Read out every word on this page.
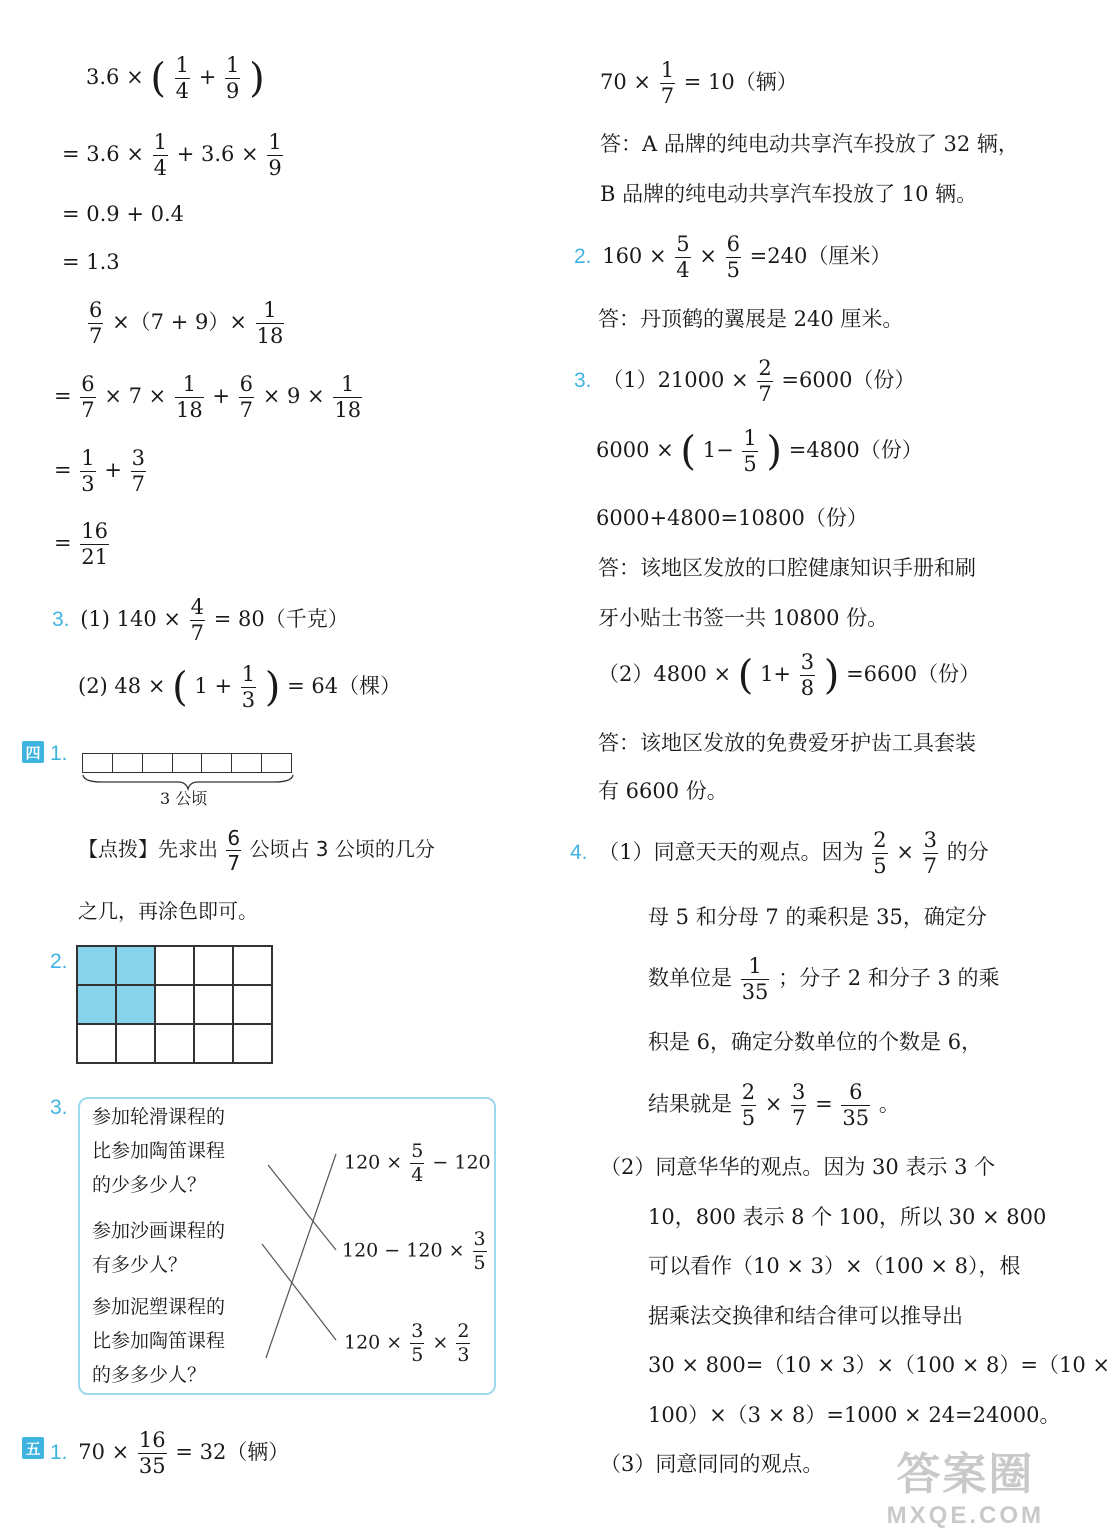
3.6 × ( $\frac{1}{4} + \frac{1}{9}$ )
= $3.6 \times \frac{1}{4} + 3.6 \times \frac{1}{9}$
= 0.9 + 0.4
= 1.3
$\frac{6}{7} \times(7 + 9)\times \frac{1}{18}$
= $\frac{6}{7} \times 7 \times \frac{1}{18} + \frac{6}{7} \times 9 \times \frac{1}{18}$
= $\frac{1}{3} + \frac{3}{7}$
= $\frac{16}{21}$
3. (1) $140 \times \frac{4}{7} = 80$（千克）
(2) 48 × ( $1 + \frac{1}{3}$ ) = 64（棵）
四 1.
3 公顷
【点拨】先求出 $\frac{6}{7}$ 公顷占 3 公顷的几分
之几，再涂色即可。
2.

3. 参加轮滑课程的
比参加陶笛课程
的少多少人？
参加沙画课程的
有多少人？
参加泥塑课程的
比参加陶笛课程
的多多少人？
$120 \times \frac{5}{4} - 120$
$120 - 120 \times \frac{3}{5}$
$120 \times \frac{3}{5} \times \frac{2}{3}$
五 1. $70 \times \frac{16}{35} = 32$（辆）
$70 \times \frac{1}{7} = 10$（辆）
答：A 品牌的纯电动共享汽车投放了 32 辆，
B 品牌的纯电动共享汽车投放了 10 辆。
2. $160 \times \frac{5}{4} \times \frac{6}{5} =240$（厘米）
答：丹顶鹤的翼展是 240 厘米。
3. $(1)21000 \times \frac{2}{7} =6000$（份）
6000 × ( $1- \frac{1}{5}$ ) =4800（份）
6000+4800=10800（份）
答：该地区发放的口腔健康知识手册和刷
牙小贴士书签一共 10800 份。
（2）4800 × ( $1+ \frac{3}{8}$ ) =6600（份）
答：该地区发放的免费爱牙护齿工具套装
有 6600 份。
4. （1）同意天天的观点。因为 $\frac{2}{5} \times \frac{3}{7}$ 的分
母 5 和分母 7 的乘积是 35，确定分
数单位是 $\frac{1}{35}$ ；分子 2 和分子 3 的乘
积是 6，确定分数单位的个数是 6，
结果就是 $\frac{2}{5} \times \frac{3}{7} = \frac{6}{35}$ 。
（2）同意华华的观点。因为 30 表示 3 个
10，800 表示 8 个 100，所以 30 × 800
可以看作（10 × 3）×（100 × 8），根
据乘法交换律和结合律可以推导出
30 × 800=（10 × 3）×（100 × 8）=（10 ×
100）×（3 × 8）=1000 × 24=24000。
（3）同意同同的观点。 答案圈
MXQE.COM
